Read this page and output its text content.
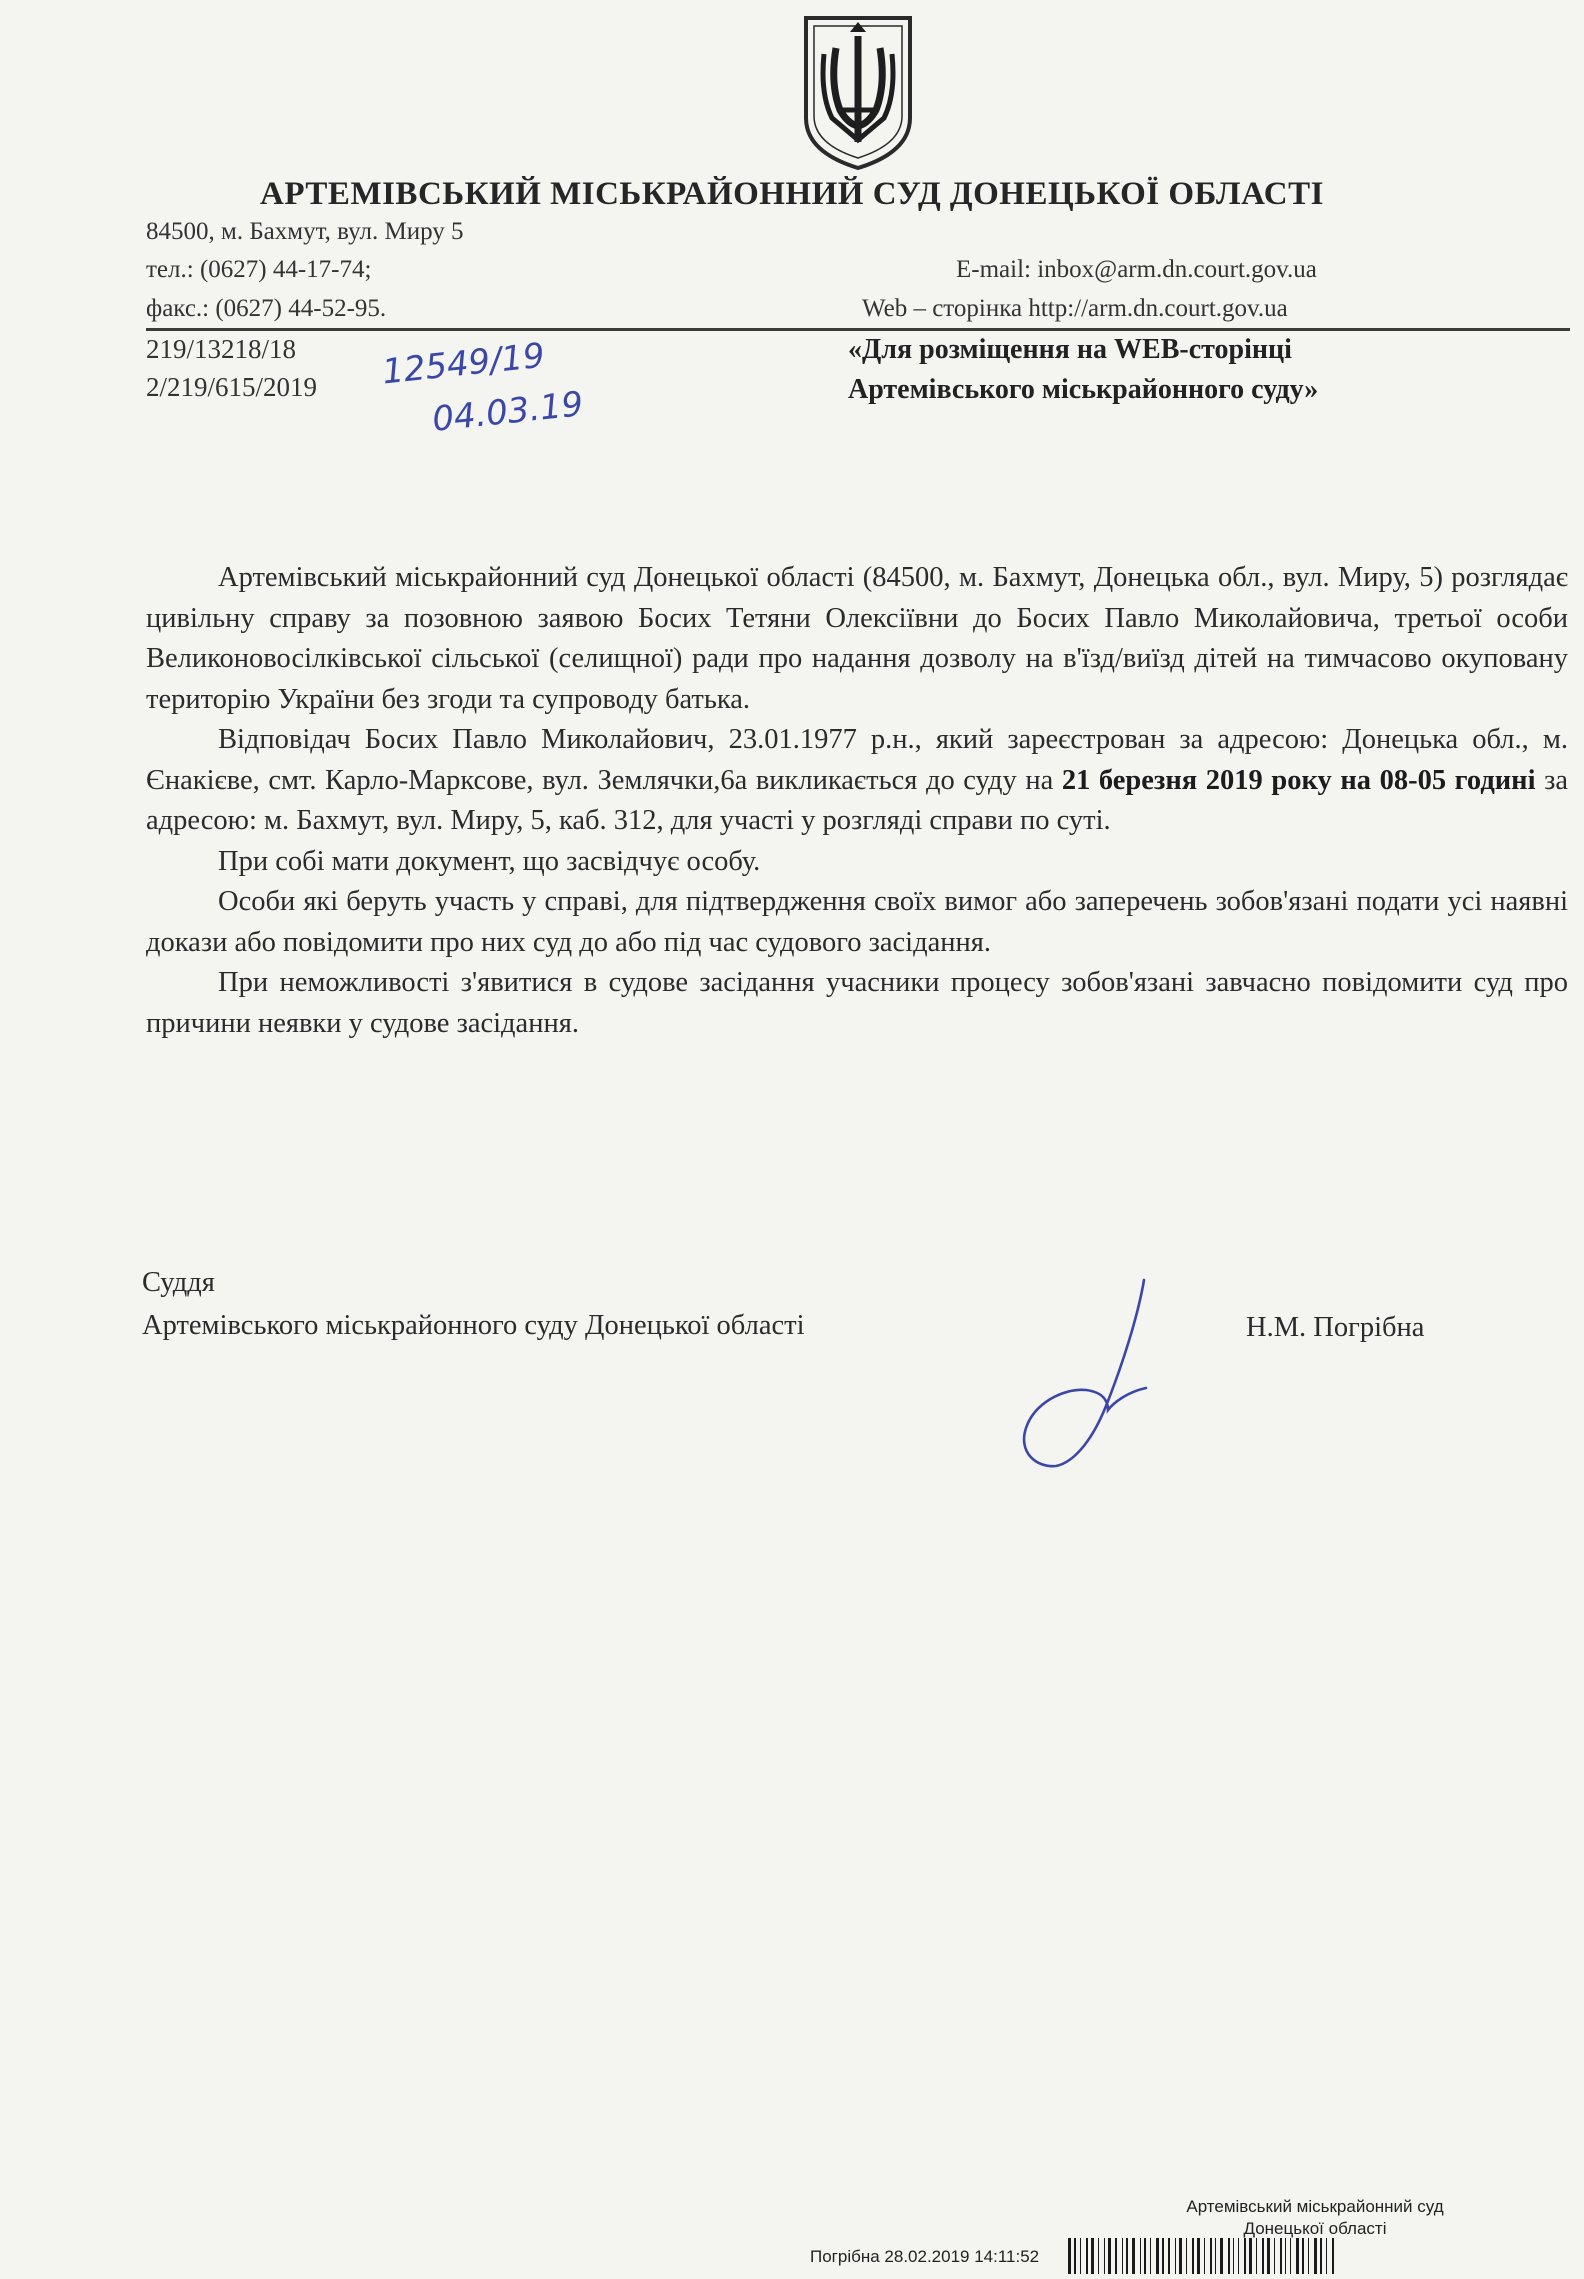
АРТЕМІВСЬКИЙ МІСЬКРАЙОННИЙ СУД ДОНЕЦЬКОЇ ОБЛАСТІ
84500, м. Бахмут, вул. Миру 5
тел.: (0627) 44-17-74;
факс.: (0627) 44-52-95.
E-mail: inbox@arm.dn.court.gov.ua
Web – сторінка http://arm.dn.court.gov.ua
219/13218/18
2/219/615/2019 12549/19
04.03.19
«Для розміщення на WEB-сторінці
Артемівського міськрайонного суду»

Артемівський міськрайонний суд Донецької області (84500, м. Бахмут, Донецька обл., вул. Миру, 5) розглядає цивільну справу за позовною заявою Босих Тетяни Олексіївни до Босих Павло Миколайовича, третьої особи Великоновосілківської сільської (селищної) ради про надання дозволу на в'їзд/виїзд дітей на тимчасово окуповану територію України без згоди та супроводу батька.

Відповідач Босих Павло Миколайович, 23.01.1977 р.н., який зареєстрован за адресою: Донецька обл., м. Єнакієве, смт. Карло-Марксове, вул. Землячки,6а викликається до суду на 21 березня 2019 року на 08-05 годині за адресою: м. Бахмут, вул. Миру, 5, каб. 312, для участі у розгляді справи по суті.

При собі мати документ, що засвідчує особу.

Особи які беруть участь у справі, для підтвердження своїх вимог або заперечень зобов'язані подати усі наявні докази або повідомити про них суд до або під час судового засідання.

При неможливості з'явитися в судове засідання учасники процесу зобов'язані завчасно повідомити суд про причини неявки у судове засідання.

Суддя
Артемівського міськрайонного суду Донецької області	Н.М. Погрібна
Артемівський міськрайонний суд
Донецької області
Погрібна 28.02.2019 14:11:52
